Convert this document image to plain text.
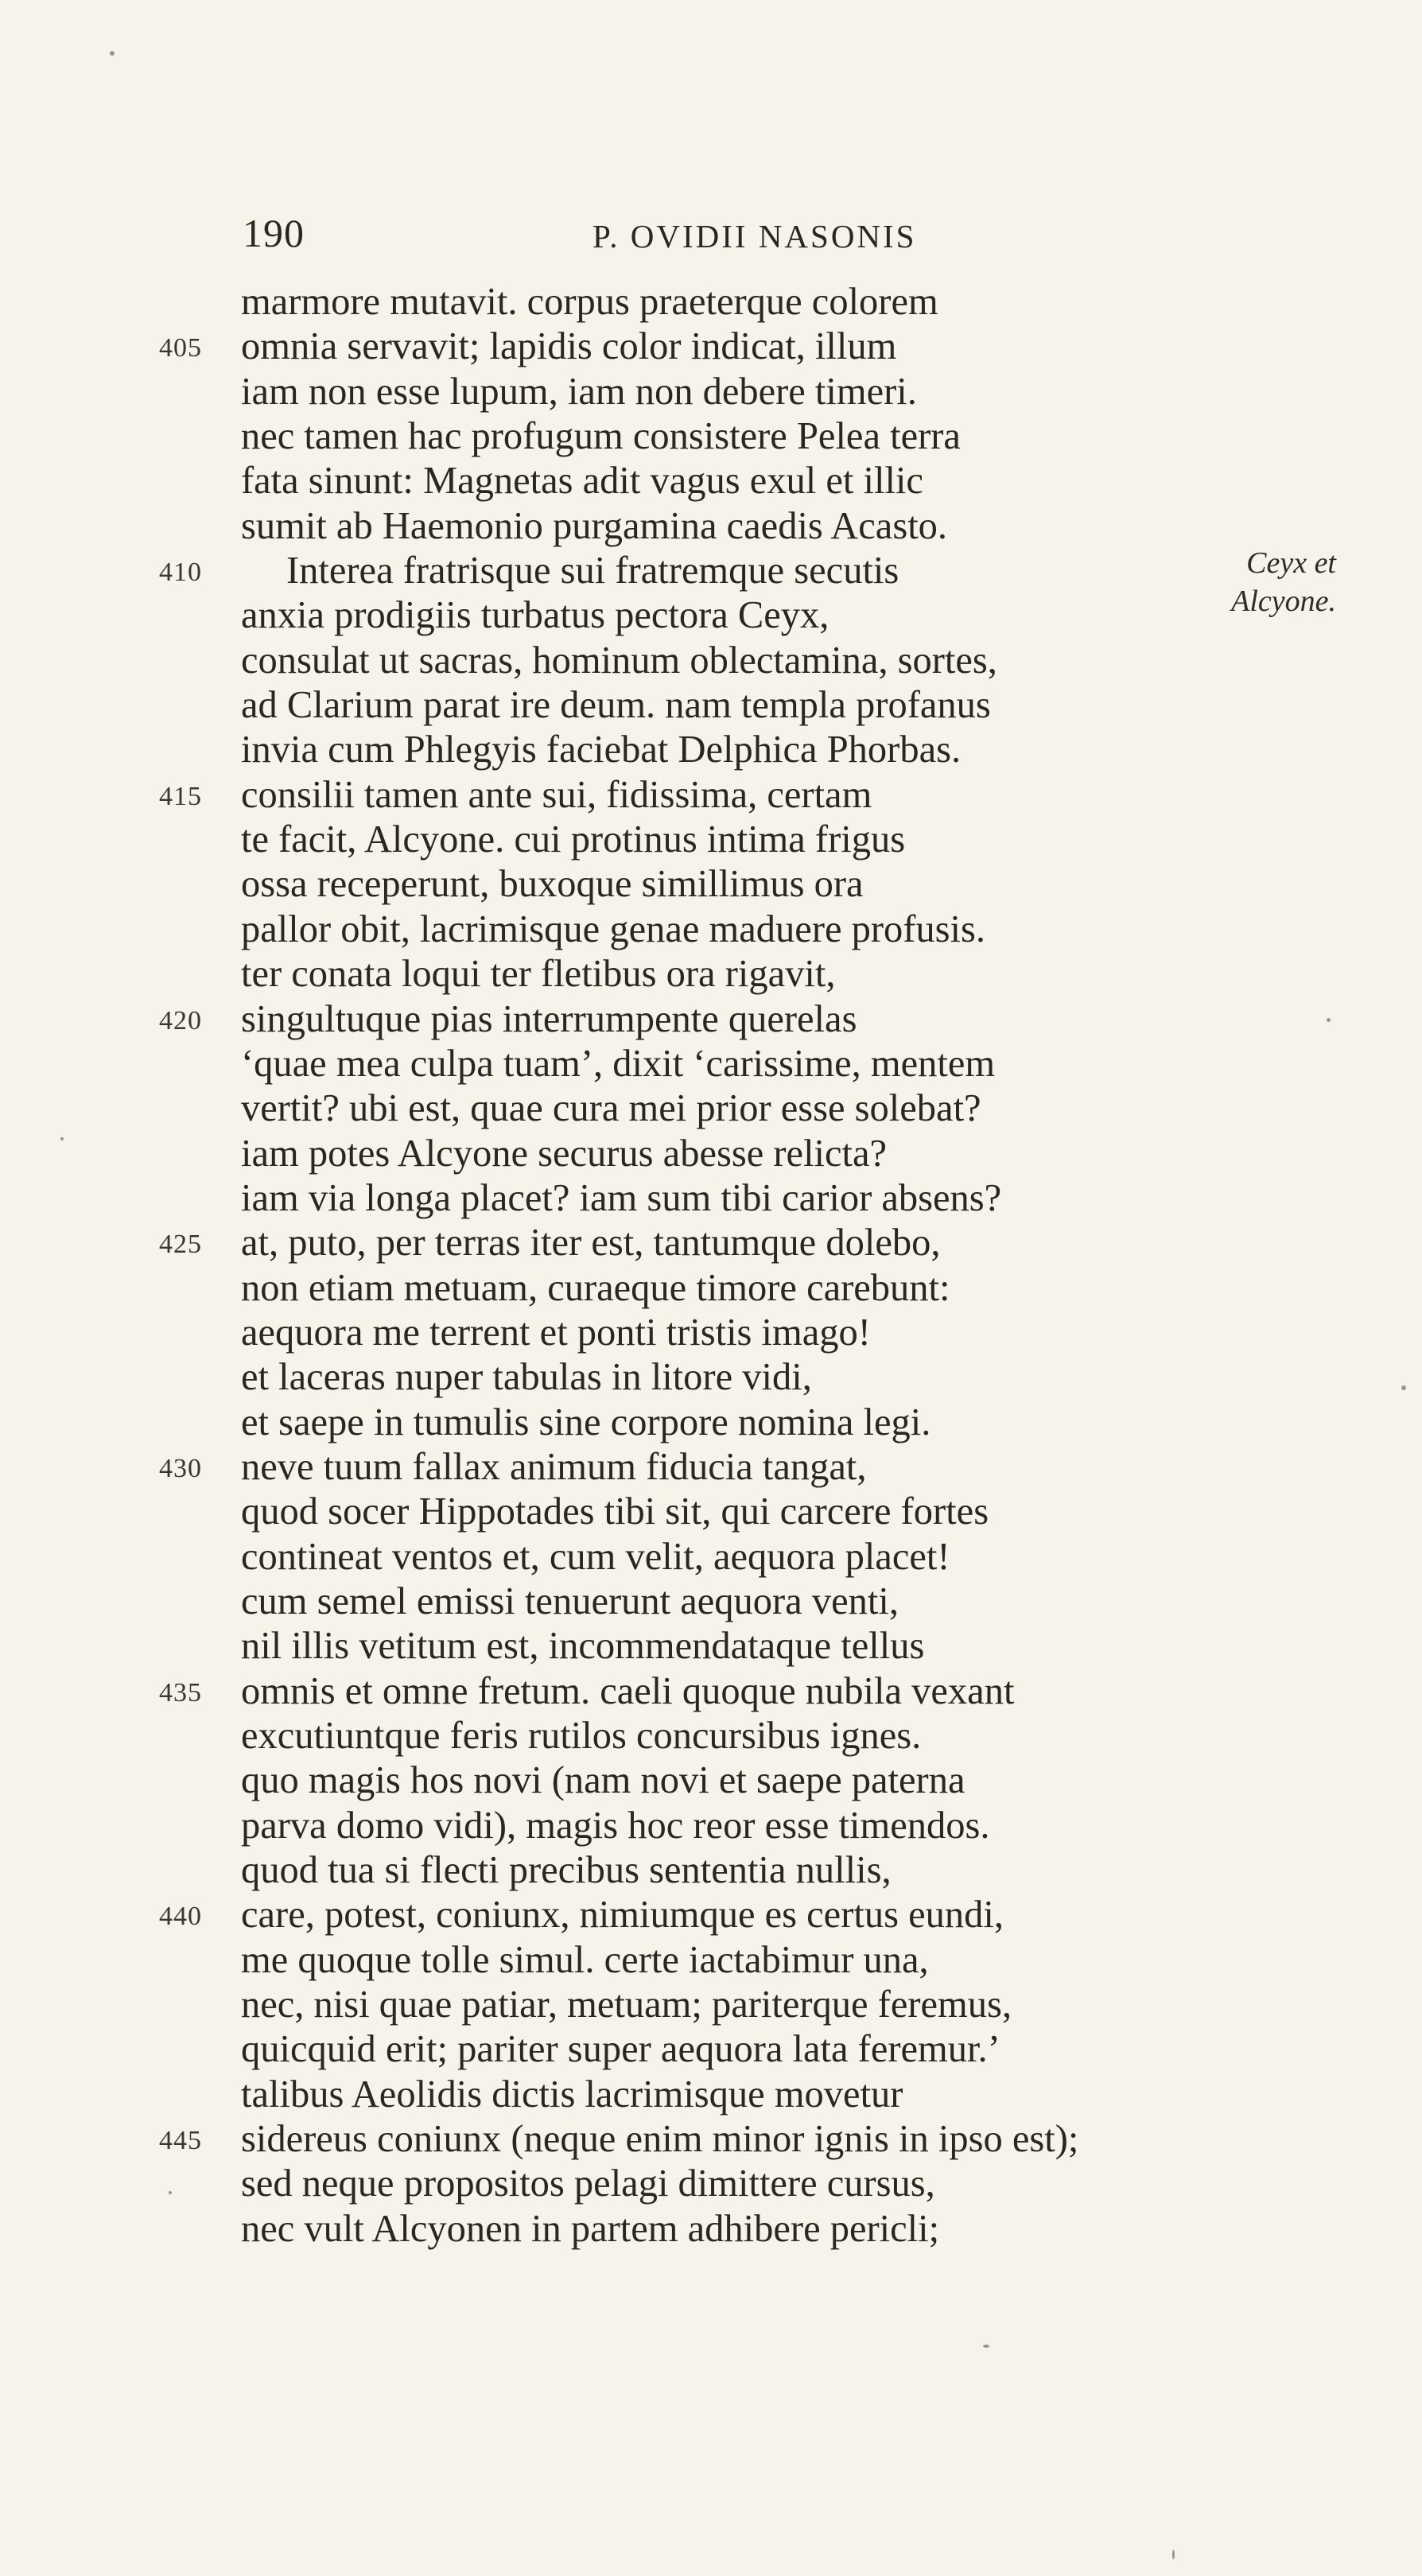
190	P. OVIDII NASONIS
marmore mutavit. corpus praeterque colorem
405	omnia servavit; lapidis color indicat, illum
iam non esse lupum, iam non debere timeri.
nec tamen hac profugum consistere Pelea terra
fata sinunt: Magnetas adit vagus exul et illic
sumit ab Haemonio purgamina caedis Acasto.
410	Interea fratrisque sui fratremque secutis
anxia prodigiis turbatus pectora Ceyx,
consulat ut sacras, hominum oblectamina, sortes,
ad Clarium parat ire deum. nam templa profanus
invia cum Phlegyis faciebat Delphica Phorbas.
415	consilii tamen ante sui, fidissima, certam
te facit, Alcyone. cui protinus intima frigus
ossa receperunt, buxoque simillimus ora
pallor obit, lacrimisque genae maduere profusis.
ter conata loqui ter fletibus ora rigavit,
420	singultuque pias interrumpente querelas
‘quae mea culpa tuam’, dixit ‘carissime, mentem
vertit? ubi est, quae cura mei prior esse solebat?
iam potes Alcyone securus abesse relicta?
iam via longa placet? iam sum tibi carior absens?
425	at, puto, per terras iter est, tantumque dolebo,
non etiam metuam, curaeque timore carebunt:
aequora me terrent et ponti tristis imago!
et laceras nuper tabulas in litore vidi,
et saepe in tumulis sine corpore nomina legi.
430	neve tuum fallax animum fiducia tangat,
quod socer Hippotades tibi sit, qui carcere fortes
contineat ventos et, cum velit, aequora placet!
cum semel emissi tenuerunt aequora venti,
nil illis vetitum est, incommendataque tellus
435	omnis et omne fretum. caeli quoque nubila vexant
excutiuntque feris rutilos concursibus ignes.
quo magis hos novi (nam novi et saepe paterna
parva domo vidi), magis hoc reor esse timendos.
quod tua si flecti precibus sententia nullis,
440	care, potest, coniunx, nimiumque es certus eundi,
me quoque tolle simul. certe iactabimur una,
nec, nisi quae patiar, metuam; pariterque feremus,
quicquid erit; pariter super aequora lata feremur.’
talibus Aeolidis dictis lacrimisque movetur
445	sidereus coniunx (neque enim minor ignis in ipso est);
sed neque propositos pelagi dimittere cursus,
nec vult Alcyonen in partem adhibere pericli;
Ceyx et
Alcyone.
